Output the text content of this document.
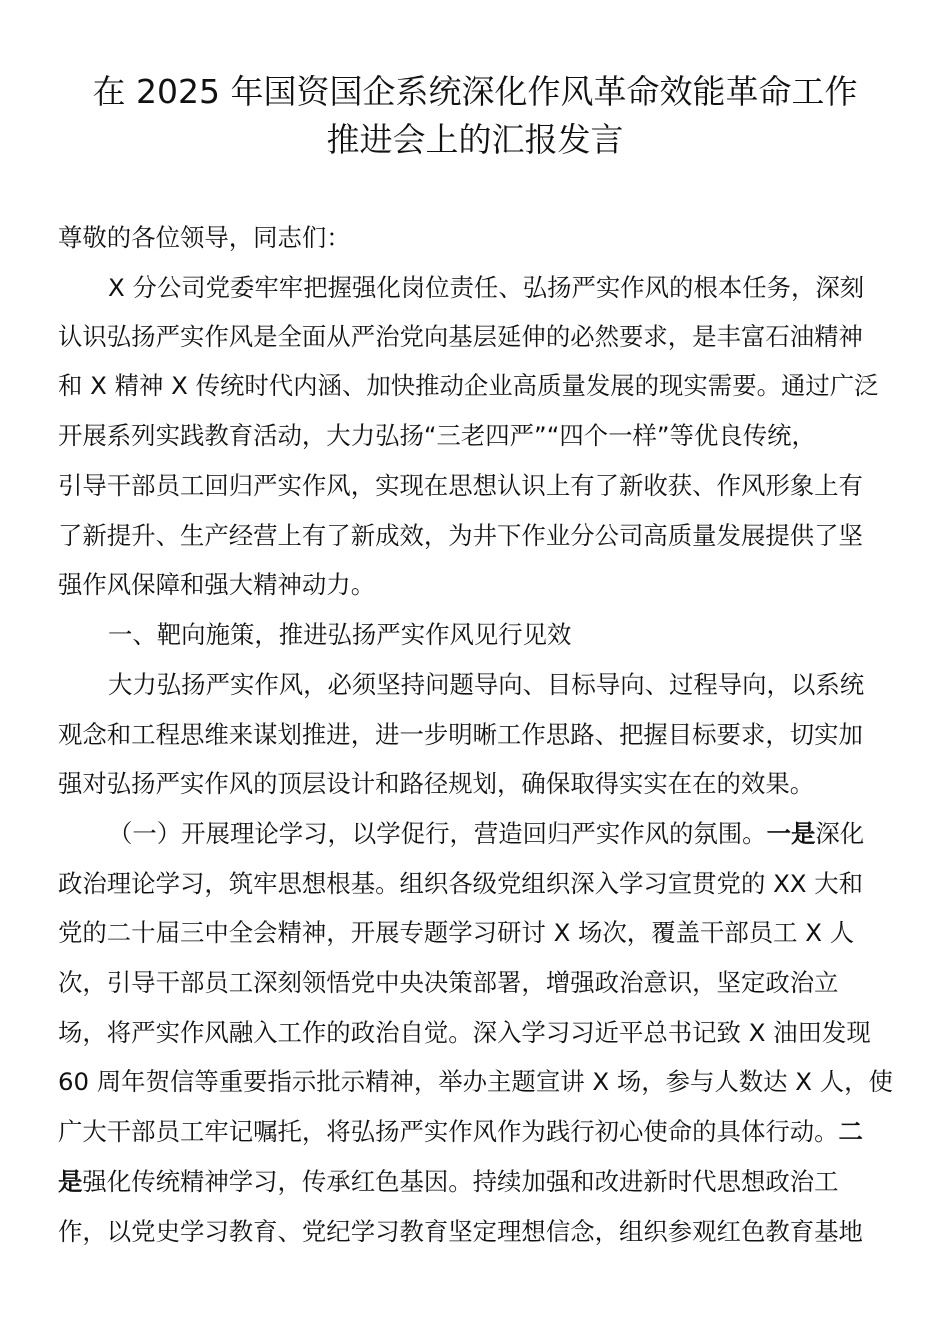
在 2025 年国资国企系统深化作风革命效能革命工作
推进会上的汇报发言

尊敬的各位领导，同志们：

X 分公司党委牢牢把握强化岗位责任、弘扬严实作风的根本任务，深刻

认识弘扬严实作风是全面从严治党向基层延伸的必然要求，是丰富石油精神

和 X 精神 X 传统时代内涵、加快推动企业高质量发展的现实需要。通过广泛

开展系列实践教育活动，大力弘扬“三老四严”“四个一样”等优良传统，

引导干部员工回归严实作风，实现在思想认识上有了新收获、作风形象上有

了新提升、生产经营上有了新成效，为井下作业分公司高质量发展提供了坚

强作风保障和强大精神动力。

一、靶向施策，推进弘扬严实作风见行见效

大力弘扬严实作风，必须坚持问题导向、目标导向、过程导向，以系统

观念和工程思维来谋划推进，进一步明晰工作思路、把握目标要求，切实加

强对弘扬严实作风的顶层设计和路径规划，确保取得实实在在的效果。

（一）开展理论学习，以学促行，营造回归严实作风的氛围。一是深化

政治理论学习，筑牢思想根基。组织各级党组织深入学习宣贯党的 XX 大和

党的二十届三中全会精神，开展专题学习研讨 X 场次，覆盖干部员工 X 人

次，引导干部员工深刻领悟党中央决策部署，增强政治意识，坚定政治立

场，将严实作风融入工作的政治自觉。深入学习习近平总书记致 X 油田发现

60 周年贺信等重要指示批示精神，举办主题宣讲 X 场，参与人数达 X 人，使

广大干部员工牢记嘱托，将弘扬严实作风作为践行初心使命的具体行动。二

是强化传统精神学习，传承红色基因。持续加强和改进新时代思想政治工

作，以党史学习教育、党纪学习教育坚定理想信念，组织参观红色教育基地
